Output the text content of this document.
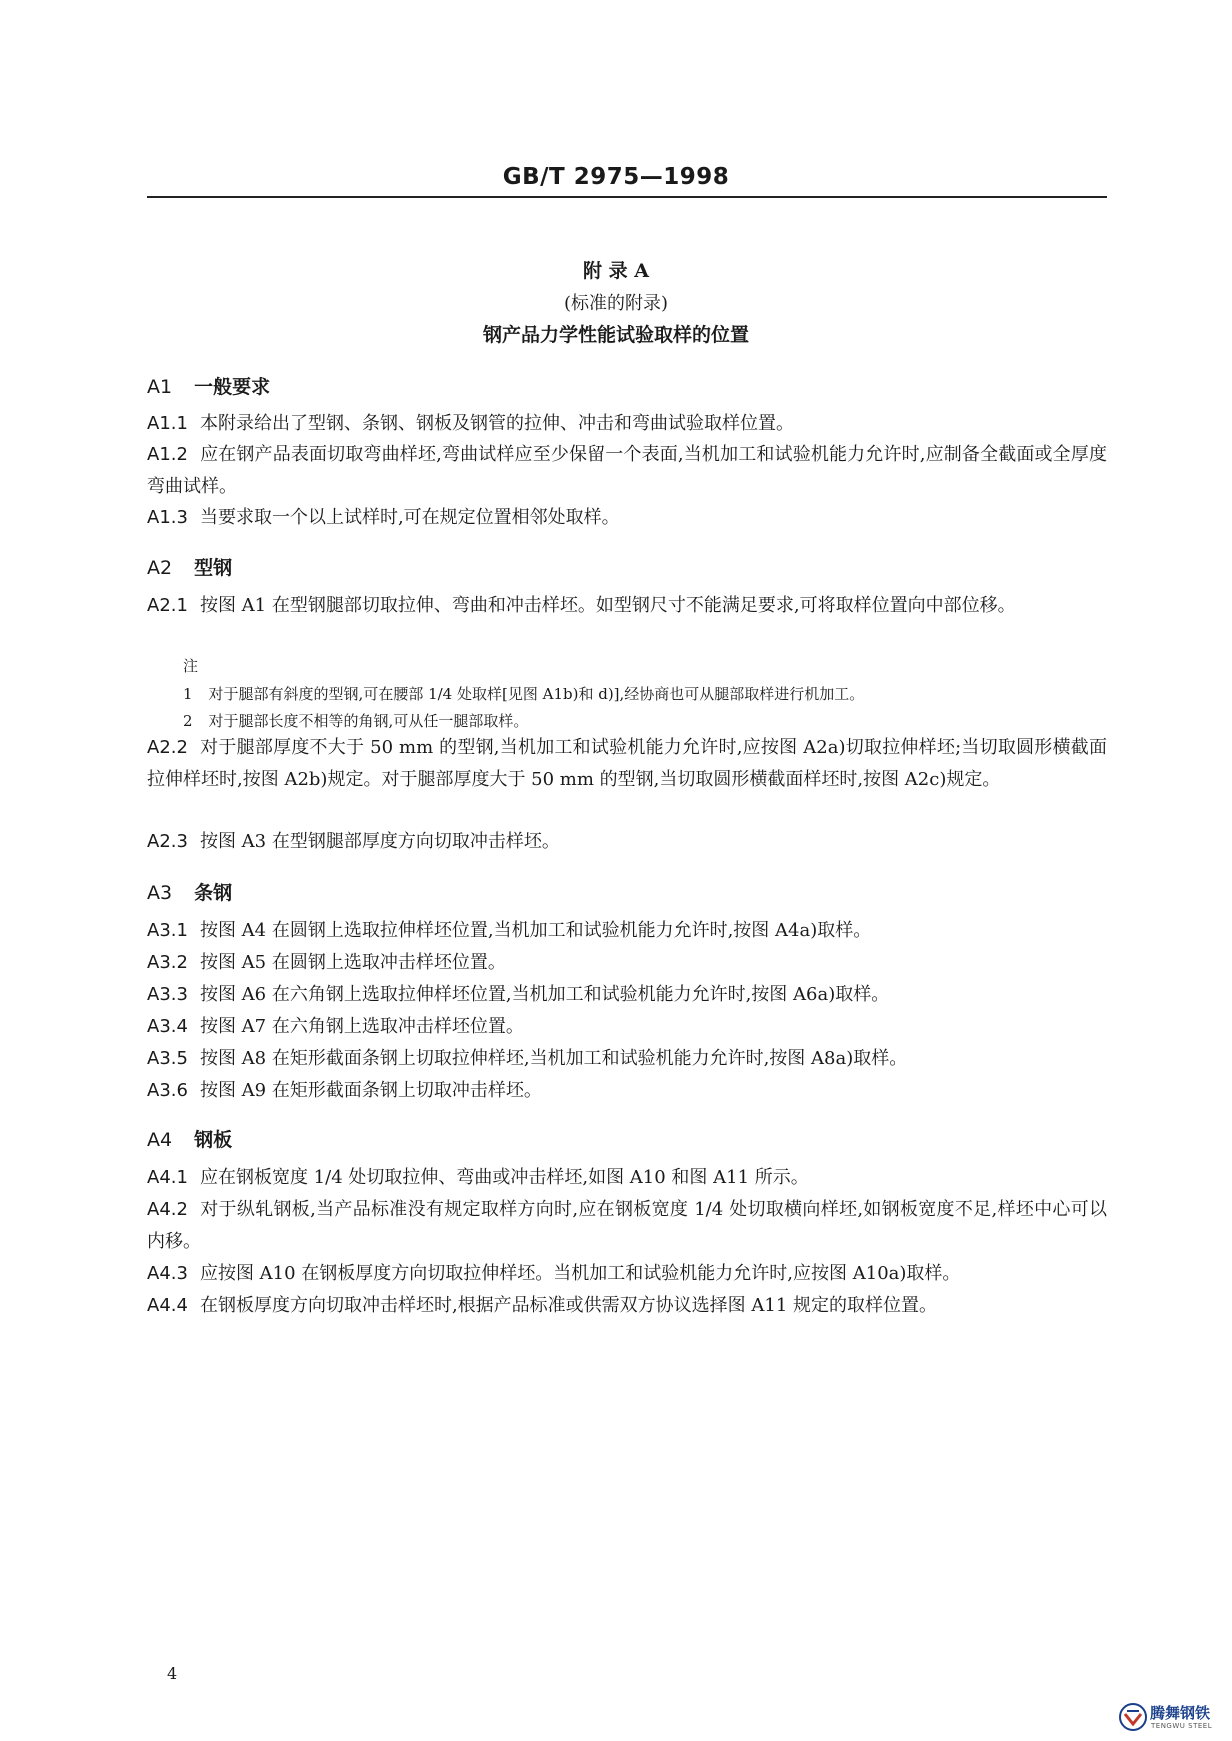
GB/T 2975—1998
附 录 A
(标准的附录)
钢产品力学性能试验取样的位置
A1 一般要求
A1.1 本附录给出了型钢、条钢、钢板及钢管的拉伸、冲击和弯曲试验取样位置。
A1.2 应在钢产品表面切取弯曲样坯,弯曲试样应至少保留一个表面,当机加工和试验机能力允许时,应制备全截面或全厚度弯曲试样。
A1.3 当要求取一个以上试样时,可在规定位置相邻处取样。
A2 型钢
A2.1 按图 A1 在型钢腿部切取拉伸、弯曲和冲击样坯。如型钢尺寸不能满足要求,可将取样位置向中部位移。
注
1 对于腿部有斜度的型钢,可在腰部 1/4 处取样[见图 A1b)和 d)],经协商也可从腿部取样进行机加工。
2 对于腿部长度不相等的角钢,可从任一腿部取样。
A2.2 对于腿部厚度不大于 50 mm 的型钢,当机加工和试验机能力允许时,应按图 A2a)切取拉伸样坯;当切取圆形横截面拉伸样坯时,按图 A2b)规定。对于腿部厚度大于 50 mm 的型钢,当切取圆形横截面样坯时,按图 A2c)规定。
A2.3 按图 A3 在型钢腿部厚度方向切取冲击样坯。
A3 条钢
A3.1 按图 A4 在圆钢上选取拉伸样坯位置,当机加工和试验机能力允许时,按图 A4a)取样。
A3.2 按图 A5 在圆钢上选取冲击样坯位置。
A3.3 按图 A6 在六角钢上选取拉伸样坯位置,当机加工和试验机能力允许时,按图 A6a)取样。
A3.4 按图 A7 在六角钢上选取冲击样坯位置。
A3.5 按图 A8 在矩形截面条钢上切取拉伸样坯,当机加工和试验机能力允许时,按图 A8a)取样。
A3.6 按图 A9 在矩形截面条钢上切取冲击样坯。
A4 钢板
A4.1 应在钢板宽度 1/4 处切取拉伸、弯曲或冲击样坯,如图 A10 和图 A11 所示。
A4.2 对于纵轧钢板,当产品标准没有规定取样方向时,应在钢板宽度 1/4 处切取横向样坯,如钢板宽度不足,样坯中心可以内移。
A4.3 应按图 A10 在钢板厚度方向切取拉伸样坯。当机加工和试验机能力允许时,应按图 A10a)取样。
A4.4 在钢板厚度方向切取冲击样坯时,根据产品标准或供需双方协议选择图 A11 规定的取样位置。
4
腾舞钢铁
TENGWU STEEL
